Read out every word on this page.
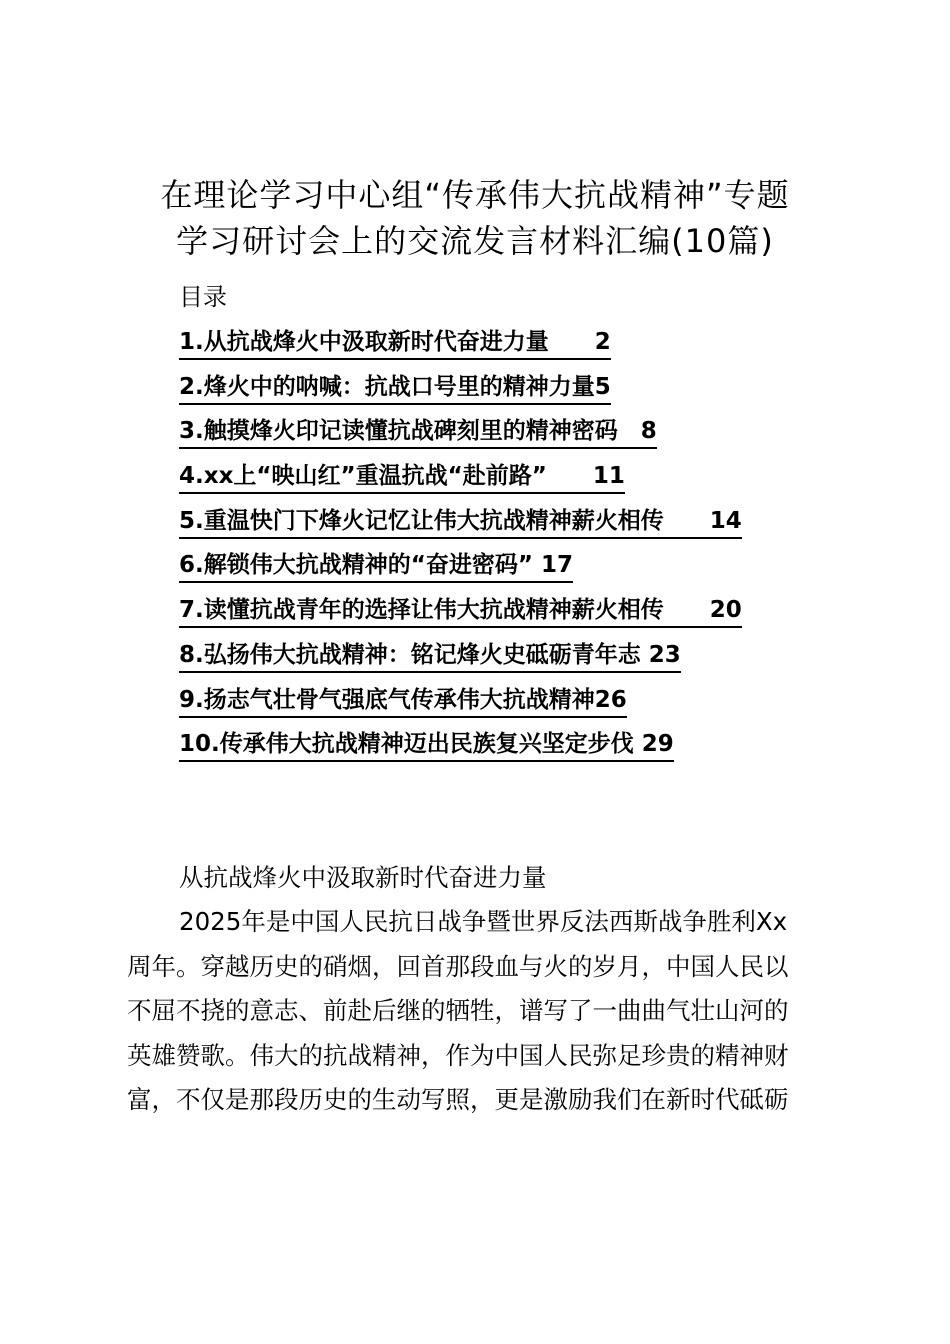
在理论学习中心组“传承伟大抗战精神”专题
学习研讨会上的交流发言材料汇编(10篇)
目录
1.从抗战烽火中汲取新时代奋进力量　　 2
2.烽火中的呐喊：抗战口号里的精神力量5
3.触摸烽火印记读懂抗战碑刻里的精神密码　 8
4.xx上“映山红”重温抗战“赴前路”　　 11
5.重温快门下烽火记忆让伟大抗战精神薪火相传　　 14
6.解锁伟大抗战精神的“奋进密码” 17
7.读懂抗战青年的选择让伟大抗战精神薪火相传　　 20
8.弘扬伟大抗战精神：铭记烽火史砥砺青年志 23
9.扬志气壮骨气强底气传承伟大抗战精神26
10.传承伟大抗战精神迈出民族复兴坚定步伐 29
从抗战烽火中汲取新时代奋进力量
2025年是中国人民抗日战争暨世界反法西斯战争胜利Xx
周年。穿越历史的硝烟，回首那段血与火的岁月，中国人民以
不屈不挠的意志、前赴后继的牺牲，谱写了一曲曲气壮山河的
英雄赞歌。伟大的抗战精神，作为中国人民弥足珍贵的精神财
富，不仅是那段历史的生动写照，更是激励我们在新时代砥砺
